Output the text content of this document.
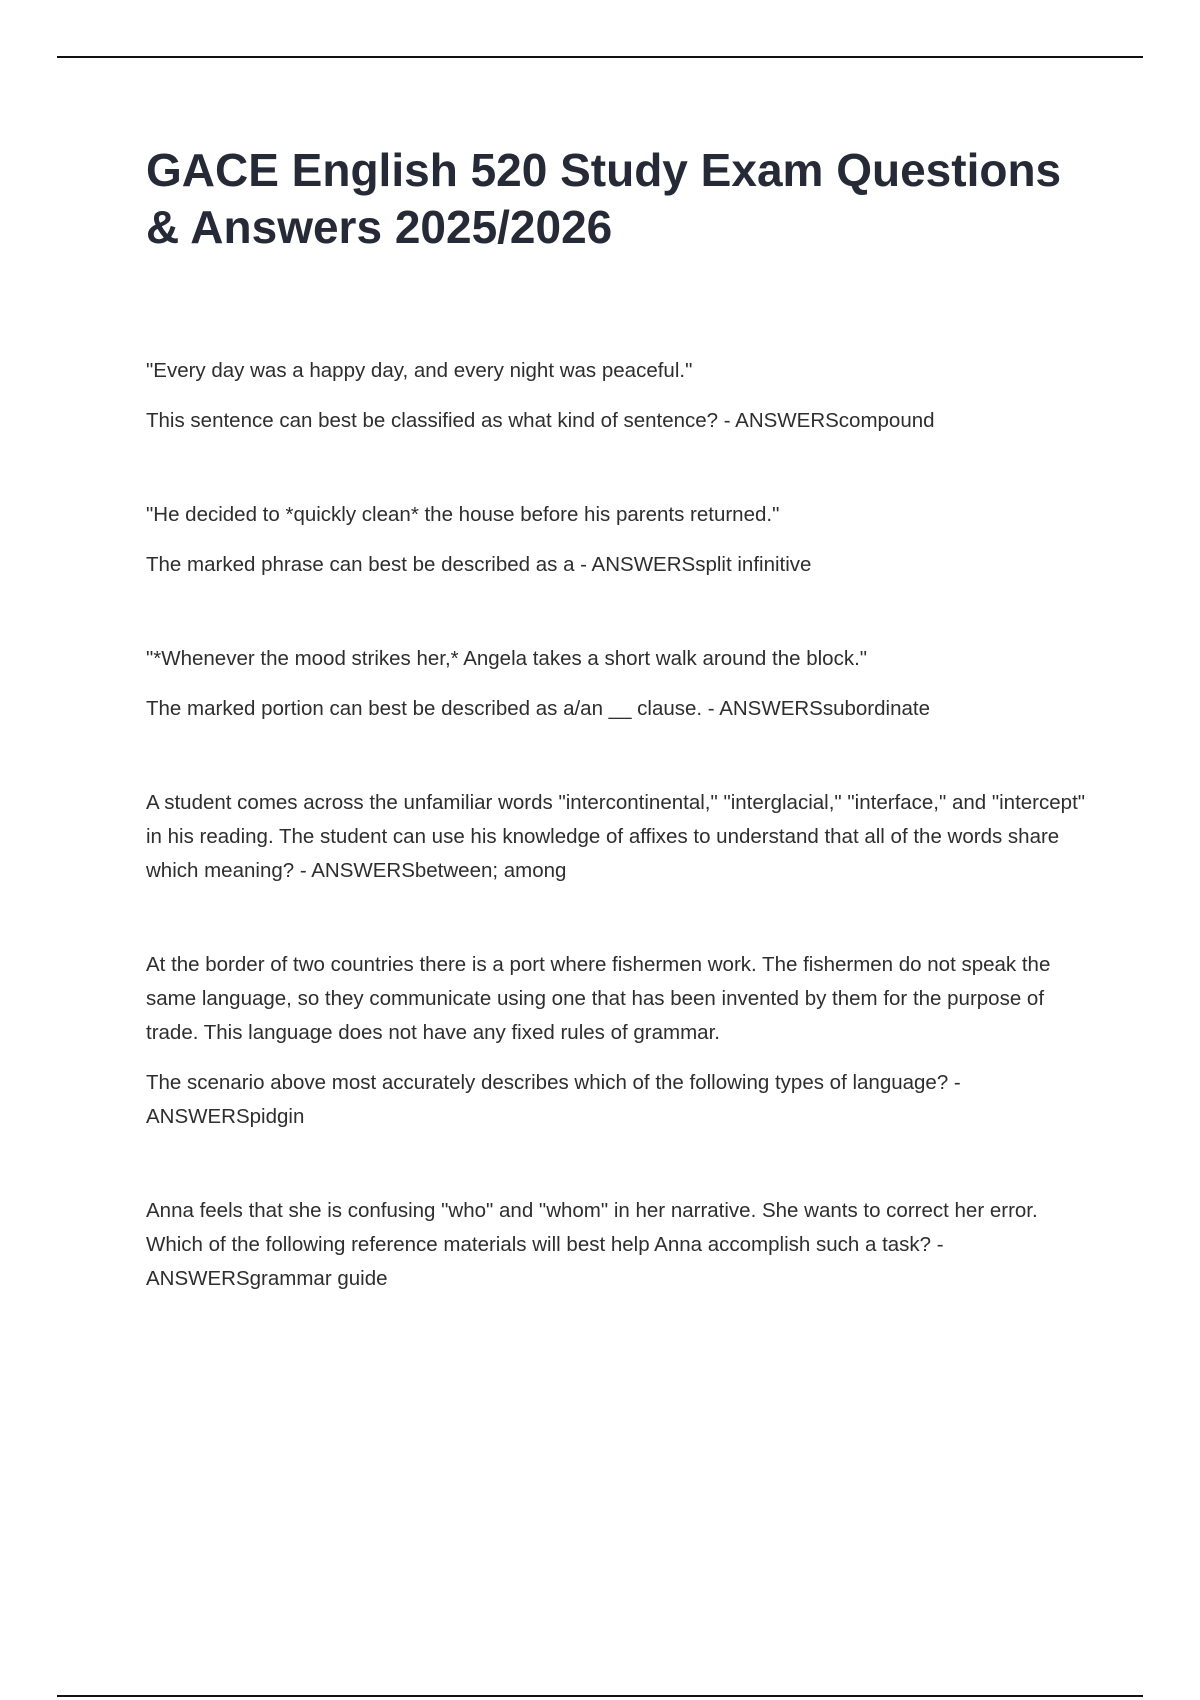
GACE English 520 Study Exam Questions & Answers 2025/2026

"Every day was a happy day, and every night was peaceful."

This sentence can best be classified as what kind of sentence? - ANSWERScompound

"He decided to *quickly clean* the house before his parents returned."

The marked phrase can best be described as a - ANSWERSsplit infinitive

"*Whenever the mood strikes her,* Angela takes a short walk around the block."

The marked portion can best be described as a/an __ clause. - ANSWERSsubordinate

A student comes across the unfamiliar words "intercontinental," "interglacial," "interface," and "intercept" in his reading. The student can use his knowledge of affixes to understand that all of the words share which meaning? - ANSWERSbetween; among

At the border of two countries there is a port where fishermen work. The fishermen do not speak the same language, so they communicate using one that has been invented by them for the purpose of trade. This language does not have any fixed rules of grammar.

The scenario above most accurately describes which of the following types of language? - ANSWERSpidgin

Anna feels that she is confusing "who" and "whom" in her narrative. She wants to correct her error. Which of the following reference materials will best help Anna accomplish such a task? - ANSWERSgrammar guide
